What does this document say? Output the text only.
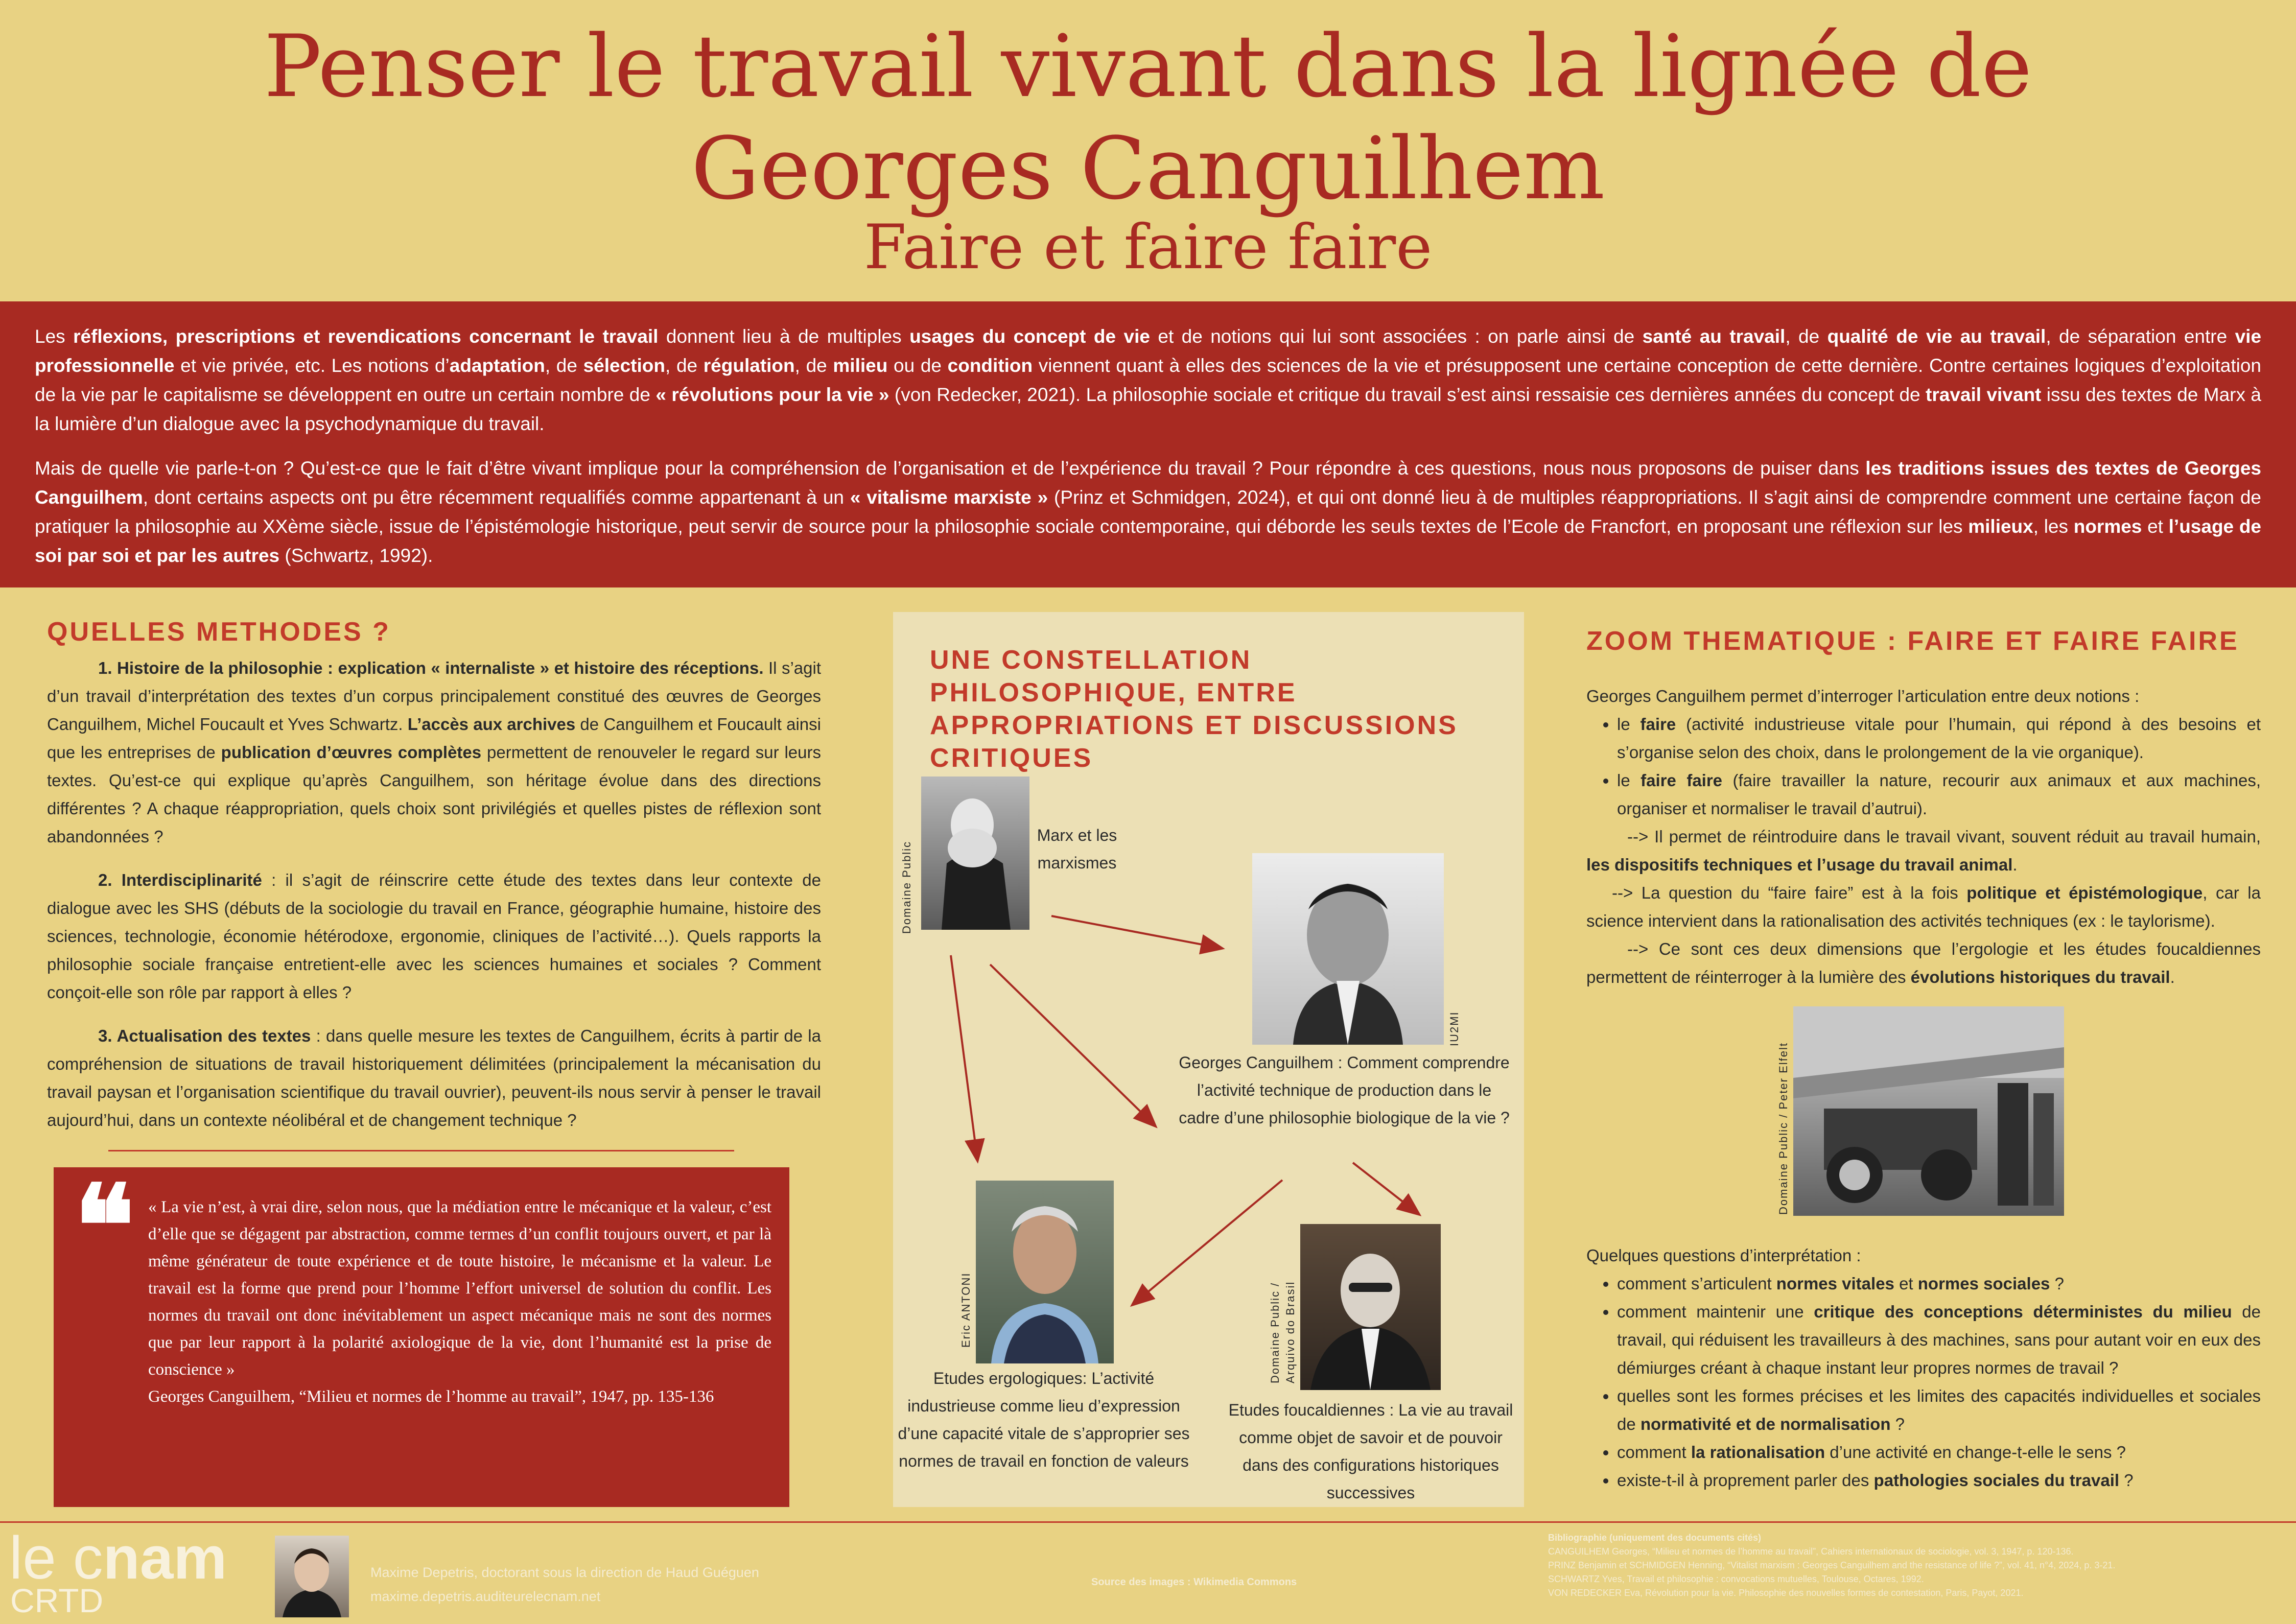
Penser le travail vivant dans la lignée de
Georges Canguilhem
Faire et faire faire

Les réflexions, prescriptions et revendications concernant le travail donnent lieu à de multiples usages du concept de vie et de notions qui lui sont associées : on parle ainsi de santé au travail, de qualité de vie au travail, de séparation entre vie professionnelle et vie privée, etc. Les notions d’adaptation, de sélection, de régulation, de milieu ou de condition viennent quant à elles des sciences de la vie et présupposent une certaine conception de cette dernière. Contre certaines logiques d’exploitation de la vie par le capitalisme se développent en outre un certain nombre de « révolutions pour la vie » (von Redecker, 2021). La philosophie sociale et critique du travail s’est ainsi ressaisie ces dernières années du concept de travail vivant issu des textes de Marx à la lumière d’un dialogue avec la psychodynamique du travail.

Mais de quelle vie parle-t-on ? Qu’est-ce que le fait d’être vivant implique pour la compréhension de l’organisation et de l’expérience du travail ? Pour répondre à ces questions, nous nous proposons de puiser dans les traditions issues des textes de Georges Canguilhem, dont certains aspects ont pu être récemment requalifiés comme appartenant à un « vitalisme marxiste » (Prinz et Schmidgen, 2024), et qui ont donné lieu à de multiples réappropriations. Il s’agit ainsi de comprendre comment une certaine façon de pratiquer la philosophie au XXème siècle, issue de l’épistémologie historique, peut servir de source pour la philosophie sociale contemporaine, qui déborde les seuls textes de l’Ecole de Francfort, en proposant une réflexion sur les milieux, les normes et l’usage de soi par soi et par les autres (Schwartz, 1992).

QUELLES METHODES ?

1. Histoire de la philosophie : explication « internaliste » et histoire des réceptions. Il s’agit d’un travail d’interprétation des textes d’un corpus principalement constitué des œuvres de Georges Canguilhem, Michel Foucault et Yves Schwartz. L’accès aux archives de Canguilhem et Foucault ainsi que les entreprises de publication d’œuvres complètes permettent de renouveler le regard sur leurs textes. Qu’est-ce qui explique qu’après Canguilhem, son héritage évolue dans des directions différentes ? A chaque réappropriation, quels choix sont privilégiés et quelles pistes de réflexion sont abandonnées ?

2. Interdisciplinarité : il s’agit de réinscrire cette étude des textes dans leur contexte de dialogue avec les SHS (débuts de la sociologie du travail en France, géographie humaine, histoire des sciences, technologie, économie hétérodoxe, ergonomie, cliniques de l’activité…). Quels rapports la philosophie sociale française entretient-elle avec les sciences humaines et sociales ? Comment conçoit-elle son rôle par rapport à elles ?

3. Actualisation des textes : dans quelle mesure les textes de Canguilhem, écrits à partir de la compréhension de situations de travail historiquement délimitées (principalement la mécanisation du travail paysan et l’organisation scientifique du travail ouvrier), peuvent-ils nous servir à penser le travail aujourd’hui, dans un contexte néolibéral et de changement technique ?

❝ « La vie n’est, à vrai dire, selon nous, que la médiation entre le mécanique et la valeur, c’est d’elle que se dégagent par abstraction, comme termes d’un conflit toujours ouvert, et par là même générateur de toute expérience et de toute histoire, le mécanisme et la valeur. Le travail est la forme que prend pour l’homme l’effort universel de solution du conflit. Les normes du travail ont donc inévitablement un aspect mécanique mais ne sont des normes que par leur rapport à la polarité axiologique de la vie, dont l’humanité est la prise de conscience »
Georges Canguilhem, “Milieu et normes de l’homme au travail”, 1947, pp. 135-136
UNE CONSTELLATION PHILOSOPHIQUE, ENTRE APPROPRIATIONS ET DISCUSSIONS CRITIQUES
Domaine Public
Marx et les marxismes
IU2MI
Georges Canguilhem : Comment comprendre l’activité technique de production dans le cadre d’une philosophie biologique de la vie ?
Eric ANTONI
Etudes ergologiques: L’activité industrieuse comme lieu d’expression d’une capacité vitale de s’approprier ses normes de travail en fonction de valeurs
Domaine Public / Arquivo do Brasil
Etudes foucaldiennes : La vie au travail comme objet de savoir et de pouvoir dans des configurations historiques successives
ZOOM THEMATIQUE : FAIRE ET FAIRE FAIRE
Georges Canguilhem permet d’interroger l’articulation entre deux notions :
• le faire (activité industrieuse vitale pour l’humain, qui répond à des besoins et s’organise selon des choix, dans le prolongement de la vie organique).
• le faire faire (faire travailler la nature, recourir aux animaux et aux machines, organiser et normaliser le travail d’autrui).
--> Il permet de réintroduire dans le travail vivant, souvent réduit au travail humain, les dispositifs techniques et l’usage du travail animal.
--> La question du “faire faire” est à la fois politique et épistémologique, car la science intervient dans la rationalisation des activités techniques (ex : le taylorisme).
--> Ce sont ces deux dimensions que l’ergologie et les études foucaldiennes permettent de réinterroger à la lumière des évolutions historiques du travail.
Domaine Public / Peter Elfelt
Quelques questions d’interprétation :
• comment s’articulent normes vitales et normes sociales ?
• comment maintenir une critique des conceptions déterministes du milieu de travail, qui réduisent les travailleurs à des machines, sans pour autant voir en eux des démiurges créant à chaque instant leur propres normes de travail ?
• quelles sont les formes précises et les limites des capacités individuelles et sociales de normativité et de normalisation ?
• comment la rationalisation d’une activité en change-t-elle le sens ?
• existe-t-il à proprement parler des pathologies sociales du travail ?
le cnam
CRTD
Maxime Depetris, doctorant sous la direction de Haud Guéguen
maxime.depetris.auditeurelecnam.net
Source des images : Wikimedia Commons
Bibliographie (uniquement des documents cités)
CANGUILHEM Georges, “Milieu et normes de l’homme au travail”, Cahiers internationaux de sociologie, vol. 3, 1947, p. 120-136.
PRINZ Benjamin et SCHMIDGEN Henning, “Vitalist marxism : Georges Canguilhem and the resistance of life ?”, vol. 41, n°4, 2024, p. 3-21.
SCHWARTZ Yves, Travail et philosophie : convocations mutuelles, Toulouse, Octares, 1992.
VON REDECKER Eva, Révolution pour la vie. Philosophie des nouvelles formes de contestation, Paris, Payot, 2021.
